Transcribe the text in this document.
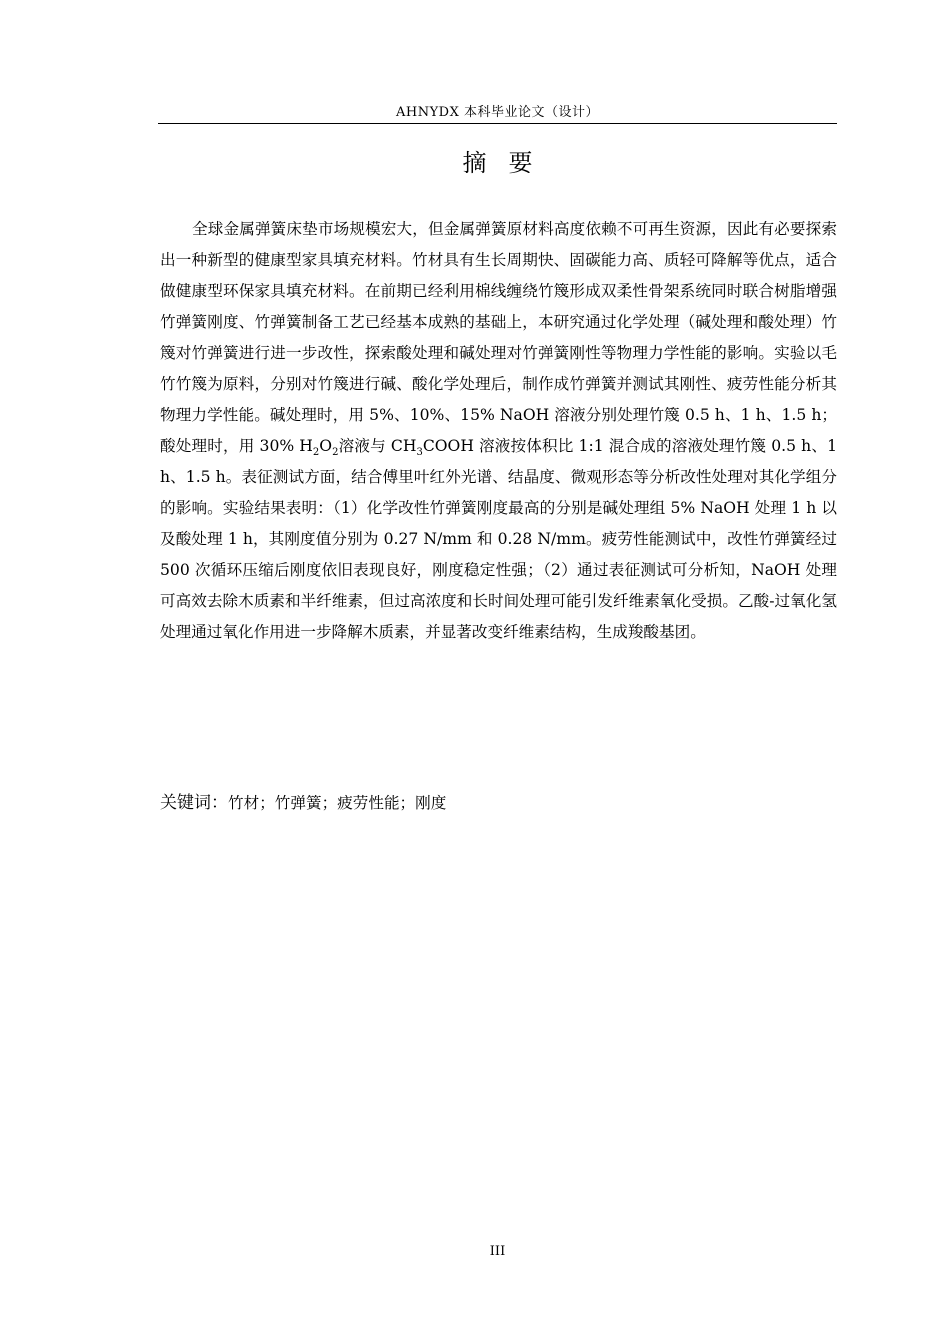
AHNYDX 本科毕业论文（设计）
摘 要

全球金属弹簧床垫市场规模宏大，但金属弹簧原材料高度依赖不可再生资源，因此有必要探索出一种新型的健康型家具填充材料。竹材具有生长周期快、固碳能力高、质轻可降解等优点，适合做健康型环保家具填充材料。在前期已经利用棉线缠绕竹篾形成双柔性骨架系统同时联合树脂增强竹弹簧刚度、竹弹簧制备工艺已经基本成熟的基础上，本研究通过化学处理（碱处理和酸处理）竹篾对竹弹簧进行进一步改性，探索酸处理和碱处理对竹弹簧刚性等物理力学性能的影响。实验以毛竹竹篾为原料，分别对竹篾进行碱、酸化学处理后，制作成竹弹簧并测试其刚性、疲劳性能分析其物理力学性能。碱处理时，用 5%、10%、15% NaOH 溶液分别处理竹篾 0.5 h、1 h、1.5 h；酸处理时，用 30% $H_2O_2$溶液与 $CH_3COOH$ 溶液按体积比 1:1 混合成的溶液处理竹篾 0.5 h、1 h、1.5 h。表征测试方面，结合傅里叶红外光谱、结晶度、微观形态等分析改性处理对其化学组分的影响。实验结果表明：（1）化学改性竹弹簧刚度最高的分别是碱处理组 5% NaOH 处理 1 h 以及酸处理 1 h，其刚度值分别为 0.27 N/mm 和 0.28 N/mm。疲劳性能测试中，改性竹弹簧经过 500 次循环压缩后刚度依旧表现良好，刚度稳定性强；（2）通过表征测试可分析知，NaOH 处理可高效去除木质素和半纤维素，但过高浓度和长时间处理可能引发纤维素氧化受损。乙酸-过氧化氢处理通过氧化作用进一步降解木质素，并显著改变纤维素结构，生成羧酸基团。

关键词：竹材；竹弹簧；疲劳性能；刚度
III
